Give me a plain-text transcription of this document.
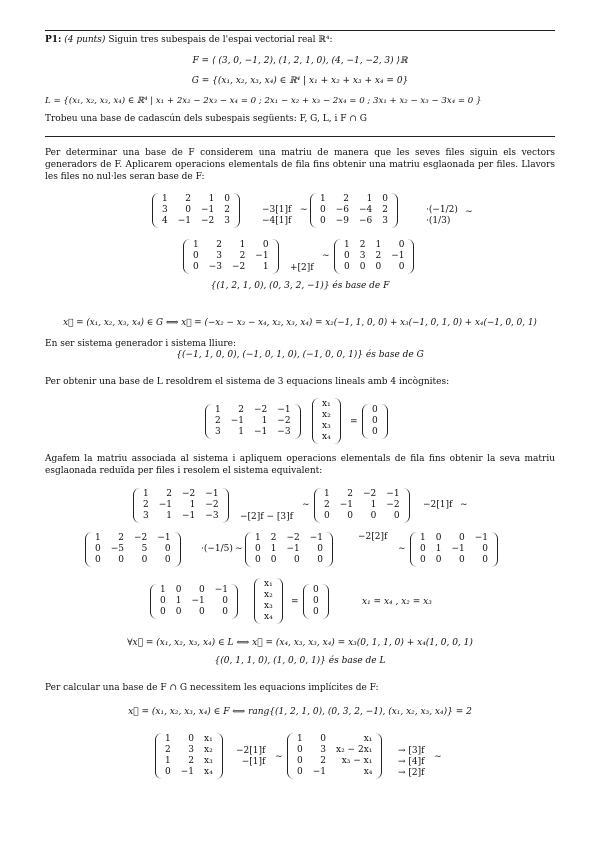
P1: (4 punts) Siguin tres subespais de l'espai vectorial real ℝ⁴:
F = ⟨ (3, 0, −1, 2), (1, 2, 1, 0), (4, −1, −2, 3) ⟩ℝ
G = {(x₁, x₂, x₃, x₄) ∈ ℝ⁴ | x₁ + x₂ + x₃ + x₄ = 0}
L = {(x₁, x₂, x₃, x₄) ∈ ℝ⁴ | x₁ + 2x₂ − 2x₃ − x₄ = 0 ; 2x₁ − x₂ + x₃ − 2x₄ = 0 ; 3x₁ + x₂ − x₃ − 3x₄ = 0 }
Trobeu una base de cadascún dels subespais següents: F, G, L, i F ∩ G
Per determinar una base de F considerem una matriu de manera que les seves files siguin els vectors generadors de F. Aplicarem operacions elementals de fila fins obtenir una matriu esglaonada per files. Llavors les files no nul·les seran base de F:
1	2	1	0
3	0	−1	2
4	−1	−2	3
−3[1]f
−4[1]f
∼
1	2	1	0
0	−6	−4	2
0	−9	−6	3
·(−1/2)
·(1/3)
∼
1	2	1	0
0	3	2	−1
0	−3	−2	1 +[2]f
∼
1	2	1	0
0	3	2	−1
0	0	0	0
{(1, 2, 1, 0), (0, 3, 2, −1)} és base de F
x⃗ = (x₁, x₂, x₃, x₄) ∈ G ⟺ x⃗ = (−x₂ − x₃ − x₄, x₂, x₃, x₄) = x₂(−1, 1, 0, 0) + x₃(−1, 0, 1, 0) + x₄(−1, 0, 0, 1)
En ser sistema generador i sistema lliure:
{(−1, 1, 0, 0), (−1, 0, 1, 0), (−1, 0, 0, 1)} és base de G
Per obtenir una base de L resoldrem el sistema de 3 equacions lineals amb 4 incògnites:
1	2	−2	−1
2	−1	1	−2
3	1	−1	−3
x₁
x₂
x₃
x₄
=
0
0
0
Agafem la matriu associada al sistema i apliquem operacions elementals de fila fins obtenir la seva matriu esglaonada reduïda per files i resolem el sistema equivalent:
1	2	−2	−1
2	−1	1	−2
3	1	−1	−3 −[2]f − [3]f
∼
1	2	−2	−1
2	−1	1	−2
0	0	0	0
−2[1]f ∼
1	2	−2	−1
0	−5	5	0
0	0	0	0
·(−1/5) ∼
1	2	−2	−1
0	1	−1	0
0	0	0	0
−2[2]f
∼
1	0	0	−1
0	1	−1	0
0	0	0	0
1	0	0	−1
0	1	−1	0
0	0	0	0
x₁
x₂
x₃
x₄
=
0
0
0
x₁ = x₄ , x₂ = x₃
∀x⃗ = (x₁, x₂, x₃, x₄) ∈ L ⟺ x⃗ = (x₄, x₃, x₃, x₄) = x₃(0, 1, 1, 0) + x₄(1, 0, 0, 1)
{(0, 1, 1, 0), (1, 0, 0, 1)} és base de L
Per calcular una base de F ∩ G necessitem les equacions implícites de F:
x⃗ = (x₁, x₂, x₃, x₄) ∈ F ⟺ rang{(1, 2, 1, 0), (0, 3, 2, −1), (x₁, x₂, x₃, x₄)} = 2
1	0	x₁
2	3	x₂
1	2	x₃
0	−1	x₄
−2[1]f
−[1]f ∼
1	0	x₁
0	3	x₂ − 2x₁
0	2	x₃ − x₁
0	−1	x₄
→ [3]f
→ [4]f
→ [2]f
∼
